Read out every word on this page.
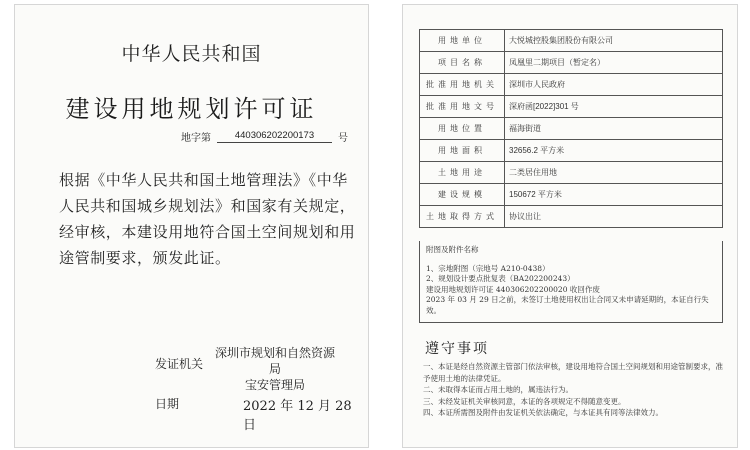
中华人民共和国
建设用地规划许可证
地字第	440306202200173	号
根据《中华人民共和国土地管理法》《中华人民共和国城乡规划法》和国家有关规定，经审核，本建设用地符合国土空间规划和用途管制要求，颁发此证。
发证机关
深圳市规划和自然资源局
宝安管理局
日期	2022 年 12 月 28 日
用地单位	大悦城控股集团股份有限公司
项目名称	凤凰里二期项目（暂定名）
批准用地机关	深圳市人民政府
批准用地文号	深府函[2022]301 号
用地位置	福海街道
用地面积	32656.2 平方米
土地用途	二类居住用地
建设规模	150672 平方米
土地取得方式	协议出让
附图及附件名称
1、宗地附图（宗地号 A210-0438）
2、规划设计要点批复表（BA202200243）
建设用地规划许可证 440306202200020 收回作废
2023 年 03 月 29 日之前，未签订土地使用权出让合同又未申请延期的，本证自行失效。
遵守事项
一、本证是经自然资源主管部门依法审核，建设用地符合国土空间规划和用途管制要求，准予使用土地的法律凭证。
二、未取得本证而占用土地的，属违法行为。
三、未经发证机关审核同意，本证的各项规定不得随意变更。
四、本证所需图及附件由发证机关依法确定，与本证具有同等法律效力。
